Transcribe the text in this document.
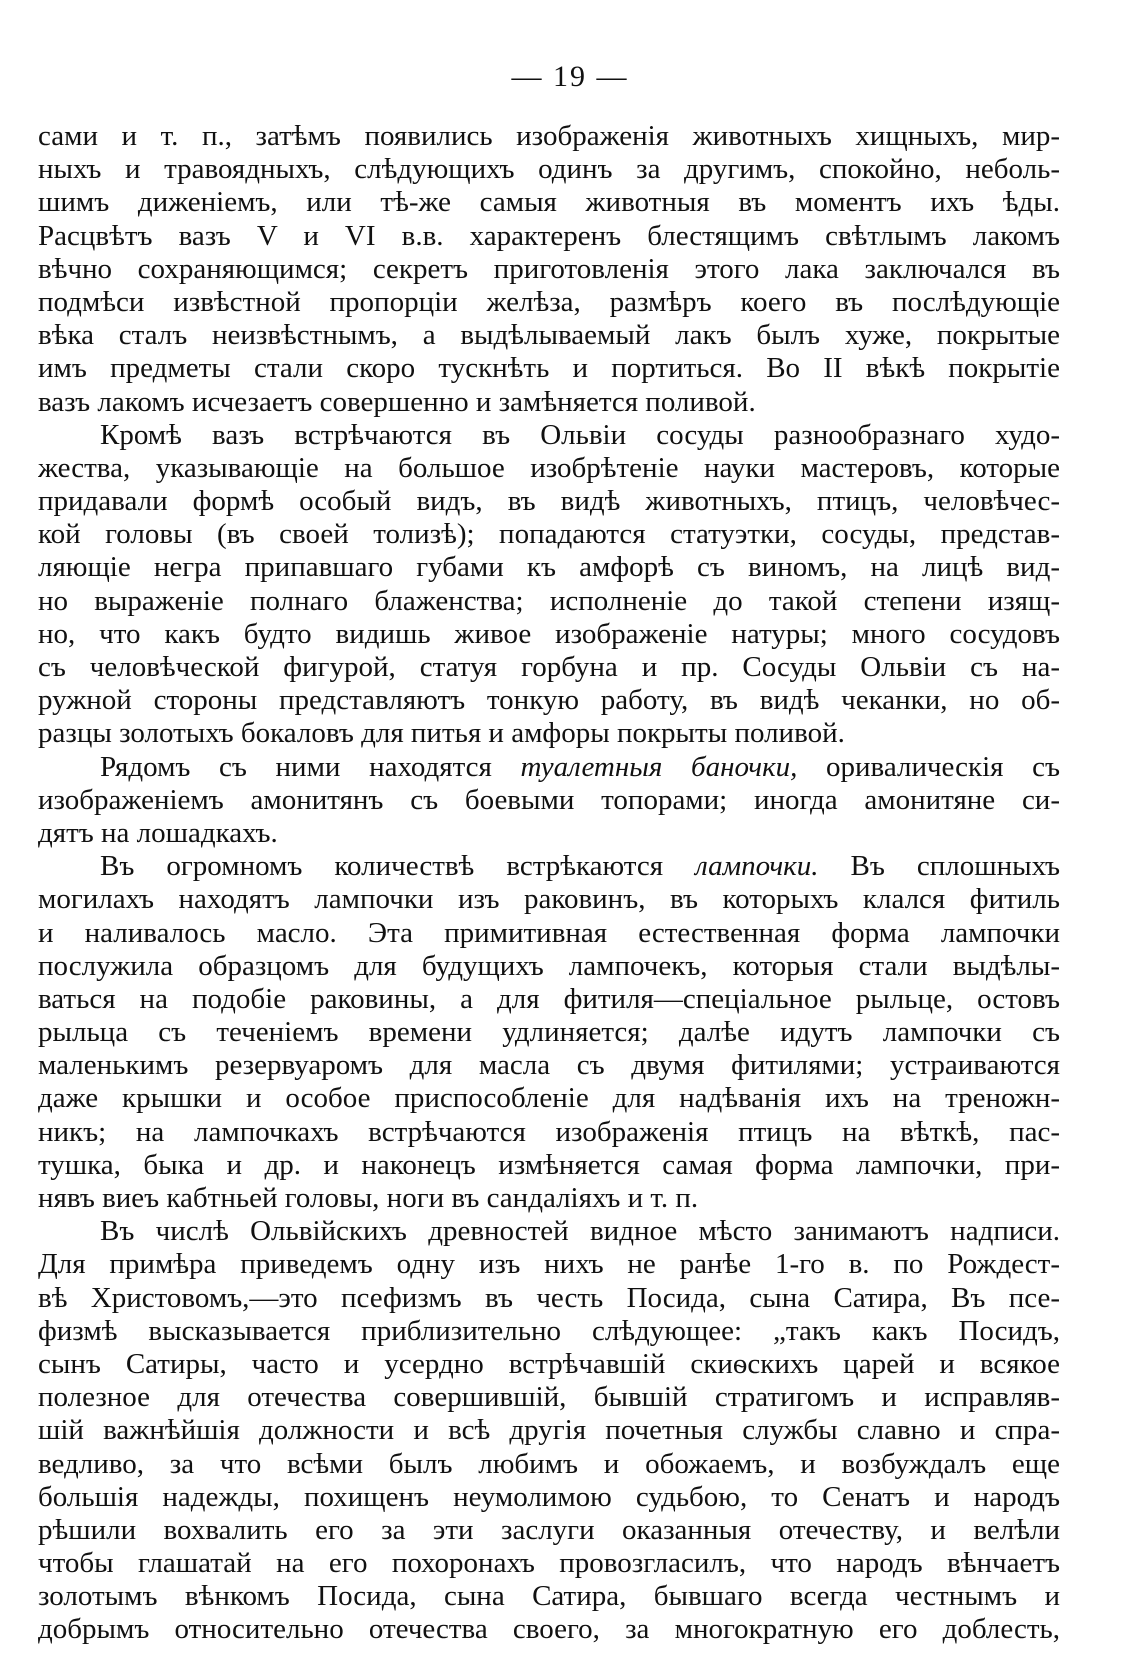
— 19 —
сами и т. п., затѣмъ появились изображенія животныхъ хищныхъ, мир-
ныхъ и травоядныхъ, слѣдующихъ одинъ за другимъ, спокойно, неболь-
шимъ диженіемъ, или тѣ-же самыя животныя въ моментъ ихъ ѣды.
Расцвѣтъ вазъ V и VI в.в. характеренъ блестящимъ свѣтлымъ лакомъ
вѣчно сохраняющимся; секретъ приготовленія этого лака заключался въ
подмѣси извѣстной пропорціи желѣза, размѣръ коего въ послѣдующіе
вѣка сталъ неизвѣстнымъ, а выдѣлываемый лакъ былъ хуже, покрытые
имъ предметы стали скоро тускнѣть и портиться. Во II вѣкѣ покрытіе
вазъ лакомъ исчезаетъ совершенно и замѣняется поливой.
Кромѣ вазъ встрѣчаются въ Ольвіи сосуды разнообразнаго худо-
жества, указывающіе на большое изобрѣтеніе науки мастеровъ, которые
придавали формѣ особый видъ, въ видѣ животныхъ, птицъ, человѣчес-
кой головы (въ своей толизѣ); попадаются статуэтки, сосуды, представ-
ляющіе негра припавшаго губами къ амфорѣ съ виномъ, на лицѣ вид-
но выраженіе полнаго блаженства; исполненіе до такой степени изящ-
но, что какъ будто видишь живое изображеніе натуры; много сосудовъ
съ человѣческой фигурой, статуя горбуна и пр. Сосуды Ольвіи съ на-
ружной стороны представляютъ тонкую работу, въ видѣ чеканки, но об-
разцы золотыхъ бокаловъ для питья и амфоры покрыты поливой.
Рядомъ съ ними находятся туалетныя баночки, оривалическія съ
изображеніемъ амонитянъ съ боевыми топорами; иногда амонитяне си-
дятъ на лошадкахъ.
Въ огромномъ количествѣ встрѣкаются лампочки. Въ сплошныхъ
могилахъ находятъ лампочки изъ раковинъ, въ которыхъ клался фитиль
и наливалось масло. Эта примитивная естественная форма лампочки
послужила образцомъ для будущихъ лампочекъ, которыя стали выдѣлы-
ваться на подобіе раковины, а для фитиля—спеціальное рыльце, остовъ
рыльца съ теченіемъ времени удлиняется; далѣе идутъ лампочки съ
маленькимъ резервуаромъ для масла съ двумя фитилями; устраиваются
даже крышки и особое приспособленіе для надѣванія ихъ на треножн-
никъ; на лампочкахъ встрѣчаются изображенія птицъ на вѣткѣ, пас-
тушка, быка и др. и наконецъ измѣняется самая форма лампочки, при-
нявъ виеъ кабтньей головы, ноги въ сандаліяхъ и т. п.
Въ числѣ Ольвійскихъ древностей видное мѣсто занимаютъ надписи.
Для примѣра приведемъ одну изъ нихъ не ранѣе 1-го в. по Рождест-
вѣ Христовомъ,—это псефизмъ въ честь Посида, сына Сатира, Въ псе-
физмѣ высказывается приблизительно слѣдующее: „такъ какъ Посидъ,
сынъ Сатиры, часто и усердно встрѣчавшій скиѳскихъ царей и всякое
полезное для отечества совершившій, бывшій стратигомъ и исправляв-
шій важнѣйшія должности и всѣ другія почетныя службы славно и спра-
ведливо, за что всѣми былъ любимъ и обожаемъ, и возбуждалъ еще
большія надежды, похищенъ неумолимою судьбою, то Сенатъ и народъ
рѣшили вохвалить его за эти заслуги оказанныя отечеству, и велѣли
чтобы глашатай на его похоронахъ провозгласилъ, что народъ вѣнчаетъ
золотымъ вѣнкомъ Посида, сына Сатира, бывшаго всегда честнымъ и
добрымъ относительно отечества своего, за многократную его доблесть,
